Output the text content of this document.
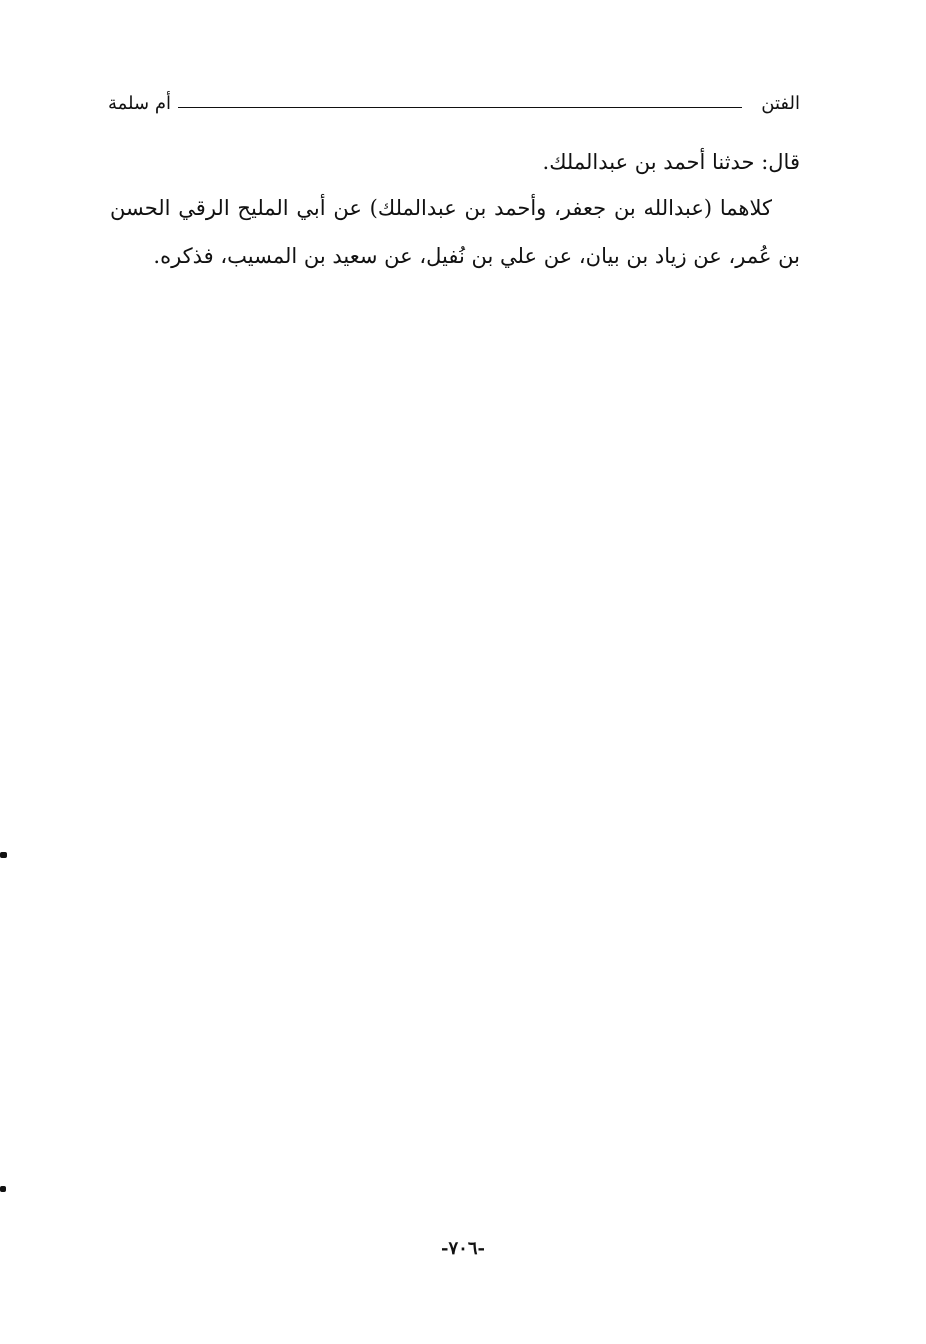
الفتن
أم سلمة
قال: حدثنا أحمد بن عبدالملك.
كلاهما (عبدالله بن جعفر، وأحمد بن عبدالملك) عن أبي المليح الرقي الحسن بن عُمر، عن زياد بن بيان، عن علي بن نُفيل، عن سعيد بن المسيب، فذكره.
-٧٠٦-
